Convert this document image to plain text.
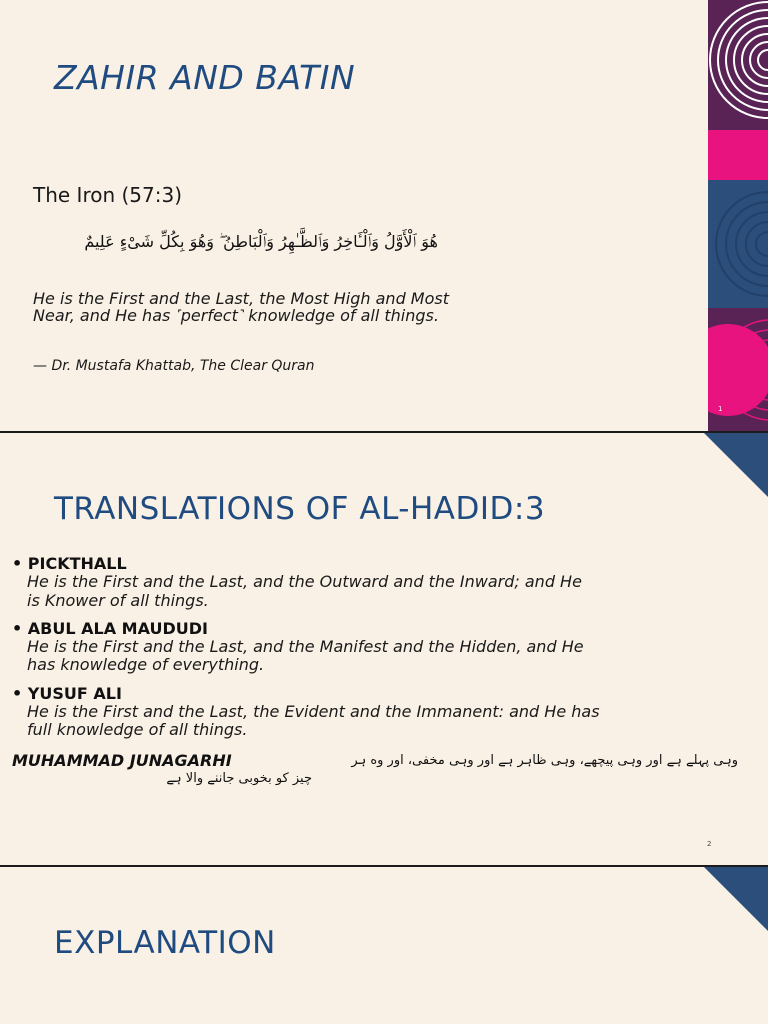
ZAHIR AND BATIN
The Iron (57:3)
هُوَ ٱلْأَوَّلُ وَٱلْـَٔاخِرُ وَٱلظَّـٰهِرُ وَٱلْبَاطِنُ ۖ وَهُوَ بِكُلِّ شَىْءٍ عَلِيمٌ
He is the First and the Last, the Most High and Most
Near, and He has ˹perfect˺ knowledge of all things.
— Dr. Mustafa Khattab, The Clear Quran
1
TRANSLATIONS OF AL-HADID:3
• PICKTHALL
He is the First and the Last, and the Outward and the Inward; and He
is Knower of all things.
• ABUL ALA MAUDUDI
He is the First and the Last, and the Manifest and the Hidden, and He
has knowledge of everything.
• YUSUF ALI
He is the First and the Last, the Evident and the Immanent: and He has
full knowledge of all things.
MUHAMMAD JUNAGARHI	وہی پہلے ہے اور وہی پیچھے، وہی ظاہر ہے اور وہی مخفی، اور وه ہر
چیز کو بخوبی جاننے واﻻ ہے
2
EXPLANATION
